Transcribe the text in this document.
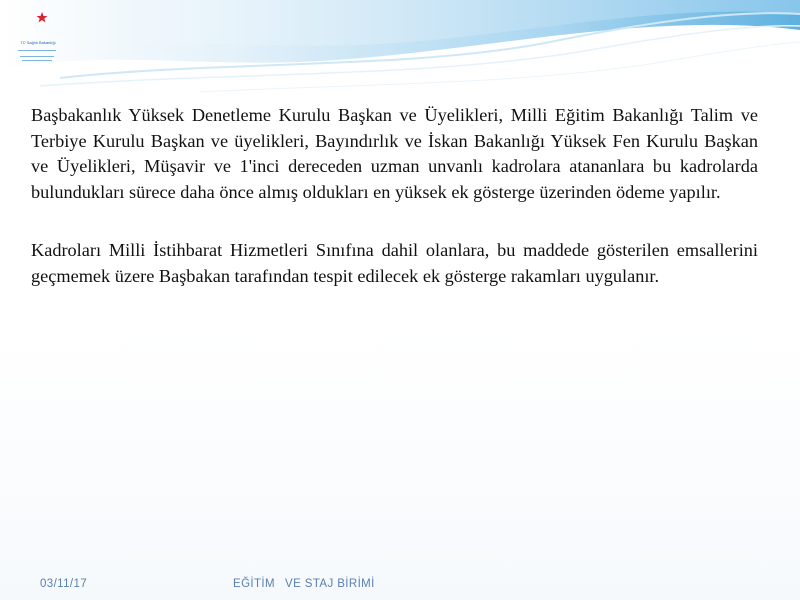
TC Sağlık Bakanlığı

Başbakanlık Yüksek Denetleme Kurulu Başkan ve Üyelikleri, Milli Eğitim Bakanlığı Talim ve Terbiye Kurulu Başkan ve üyelikleri, Bayındırlık ve İskan Bakanlığı Yüksek Fen Kurulu Başkan ve Üyelikleri, Müşavir ve 1'inci dereceden uzman unvanlı kadrolara atananlara bu kadrolarda bulundukları sürece daha önce almış oldukları en yüksek ek gösterge üzerinden ödeme yapılır.

Kadroları Milli İstihbarat Hizmetleri Sınıfına dahil olanlara, bu maddede gösterilen emsallerini geçmemek üzere Başbakan tarafından tespit edilecek ek gösterge rakamları uygulanır.

03/11/17	EĞİTİM VE STAJ BİRİMİ
